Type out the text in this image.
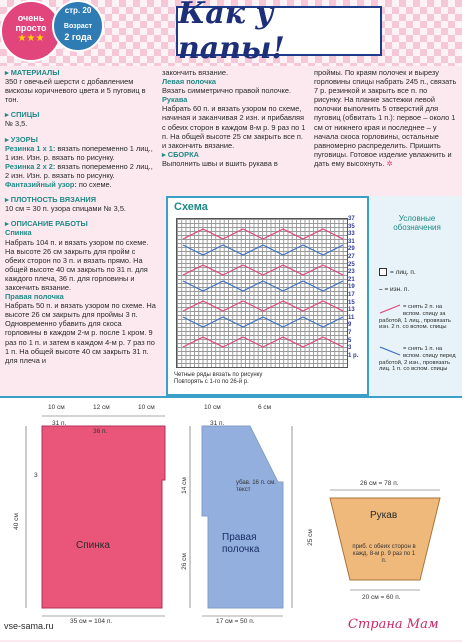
очень просто
★★★
стр. 20
Возраст
2 года
Как у папы!

▸ МАТЕРИАЛЫ

350 г овечьей шерсти с добавлением вискозы коричневого цвета и 5 пуговиц в тон.

▸ СПИЦЫ

№ 3,5.

▸ УЗОРЫ

Резинка 1 х 1: вязать попеременно 1 лиц., 1 изн. Изн. р. вязать по рисунку.

Резинка 2 х 2: вязать попеременно 2 лиц., 2 изн. Изн. р. вязать по рисунку.

Фантазийный узор: по схеме.

▸ ПЛОТНОСТЬ ВЯЗАНИЯ

10 см = 30 п. узора спицами № 3,5.

▸ ОПИСАНИЕ РАБОТЫ

Спинка

Набрать 104 п. и вязать узором по схеме. На высоте 26 см закрыть для пройм с обеих сторон по 3 п. и вязать прямо. На общей высоте 40 см закрыть по 31 п. для каждого плеча, 36 п. для горловины и закончить вязание.

Правая полочка

Набрать 50 п. и вязать узором по схеме. На высоте 26 см закрыть для проймы 3 п. Одновременно убавить для скоса горловины в каждом 2-м р. после 1 кром. 9 раз по 1 п. и затем в каждом 4-м р. 7 раз по 1 п. На общей высоте 40 см закрыть 31 п. для плеча и

закончить вязание.

Левая полочка

Вязать симметрично правой полочке.

Рукава

Набрать 60 п. и вязать узором по схеме, начиная и заканчивая 2 изн. и прибавляя с обеих сторон в каждом 8-м р. 9 раз по 1 п. На общей высоте 25 см закрыть все п. и закончить вязание.

▸ СБОРКА

Выполнить швы и вшить рукава в

проймы. По краям полочек и вырезу горловины спицы набрать 245 п., связать 7 р. резинкой и закрыть все п. по рисунку. На планке застежки левой полочки выполнить 5 отверстий для пуговиц (обвитать 1 п.): первое – около 1 см от нижнего края и последнее – у начала скоса горловины, остальные равномерно распределить. Пришить пуговицы. Готовое изделие увлажнить и дать ему высохнуть. ✲

Схема
37
35
33
31
29
27
25
23
21
19
17
15
13
11
9
7
5
3
1 р.
Четные ряды вязать по рисунку
Повторять с 1-го по 26-й р.
Условные обозначения
= лиц. п.
– = изн. п.
= снять 2 п. на вспом. спицу за работой, 1 лиц., провязать изн. 2 п. со вспом. спицы
= снять 1 п. на вспом. спицу перед работой, 2 изн., провязать лиц. 1 п. со вспом. спицы
10 см	12 см	10 см
31 п.
36 п.
40 см
3
35 см = 104 п.
Спинка
10 см	6 см
31 п.
убав. 16 п. см. текст
14 см
26 см
17 см = 50 п.
Правая полочка
26 см = 78 п.
25 см
Рукав
приб. с обеих сторон в кажд. 8-м р. 9 раз по 1 п.
20 см = 60 п.
vse-sama.ru	Страна Мам
